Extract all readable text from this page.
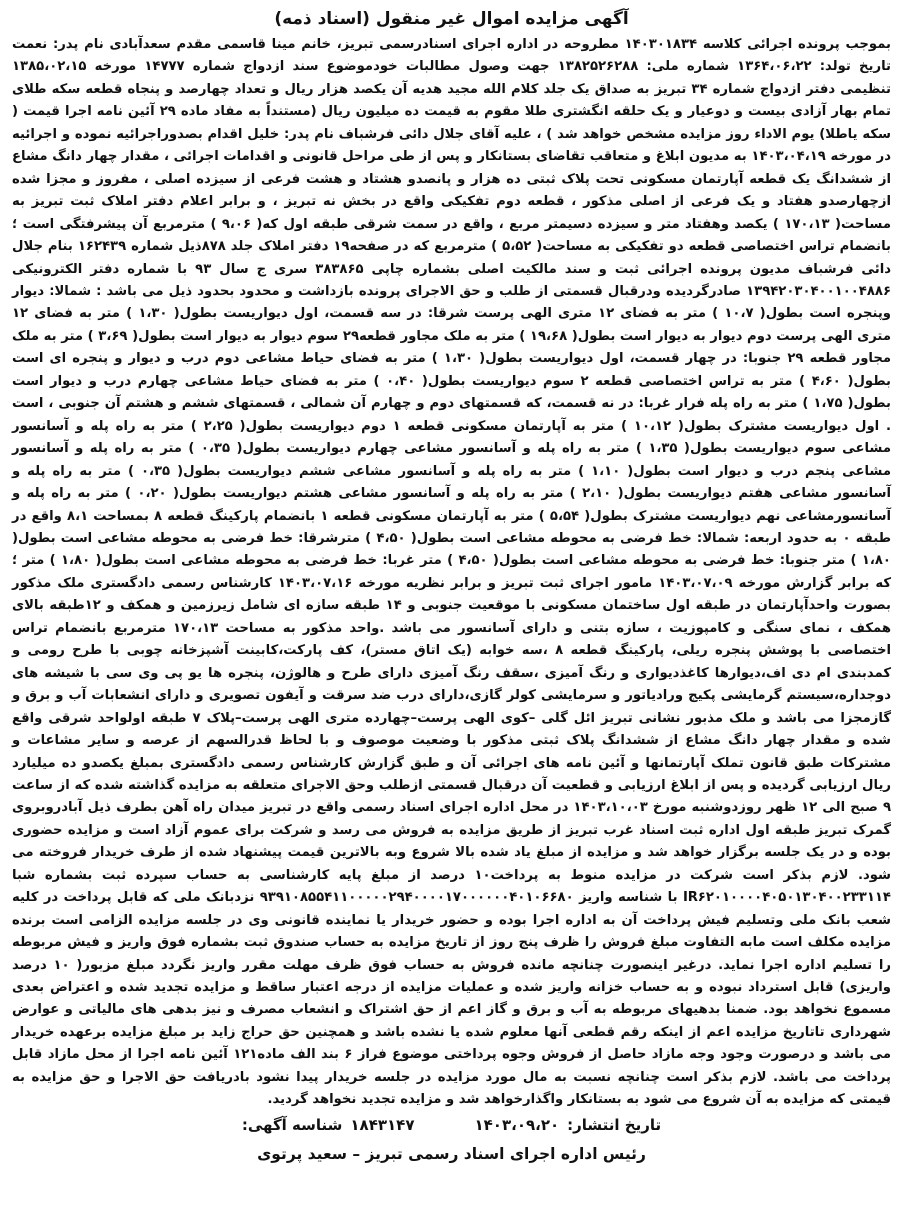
آگهی مزایده اموال غیر منقول (اسناد ذمه)

بموجب پرونده اجرائی کلاسه ۱۴۰۳۰۱۸۳۴ مطروحه در اداره اجرای اسنادرسمی تبریز، خانم مینا قاسمی مقدم سعدآبادی نام پدر: نعمت تاریخ تولد: ۱۳۶۴،۰۶،۲۲ شماره ملی: ۱۳۸۲۵۲۶۲۸۸ جهت وصول مطالبات خودموضوع سند ازدواج شماره ۱۴۷۷۷ مورخه ۱۳۸۵،۰۲،۱۵ تنظیمی دفتر ازدواج شماره ۳۴ تبریز به صداق یک جلد کلام الله مجید هدیه آن یکصد هزار ریال و تعداد چهارصد و پنجاه قطعه سکه طلای تمام بهار آزادی بیست و دوعیار و یک حلقه انگشتری طلا مقوم به قیمت ده میلیون ریال (مستنداً به مفاد ماده ۲۹ آئین نامه اجرا قیمت ( سکه یاطلا) یوم الاداء روز مزایده مشخص خواهد شد ) ، علیه آقای جلال دائی فرشباف نام پدر: خلیل اقدام بصدوراجرائیه نموده و اجرائیه در مورخه ۱۴۰۳،۰۴،۱۹ به مدیون ابلاغ و متعاقب تقاضای بستانکار و پس از طی مراحل قانونی و اقدامات اجرائی ، مقدار چهار دانگ مشاع از ششدانگ یک قطعه آپارتمان مسکونی تحت پلاک ثبتی ده هزار و پانصدو هشتاد و هشت فرعی از سیزده اصلی ، مفروز و مجزا شده ازچهارصدو هفتاد و یک فرعی از اصلی مذکور ، قطعه دوم تفکیکی واقع در بخش نه تبریز ، و برابر اعلام دفتر املاک ثبت تبریز به مساحت( ۱۷۰،۱۳ ) یکصد وهفتاد متر و سیزده دسیمتر مربع ، واقع در سمت شرقی طبقه اول که( ۹،۰۶ ) مترمربع آن پیشرفتگی است ؛ بانضمام تراس اختصاصی قطعه دو تفکیکی به مساحت( ۵،۵۲ ) مترمربع که در صفحه۱۹ دفتر املاک جلد ۸۷۸ذیل شماره ۱۶۲۴۳۹ بنام جلال دائی فرشباف مدیون پرونده اجرائی ثبت و سند مالکیت اصلی بشماره چاپی ۳۸۳۸۶۵ سری ج سال ۹۳ با شماره دفتر الکترونیکی ۱۳۹۴۲۰۳۰۴۰۰۱۰۰۴۸۸۶ صادرگردیده ودرقبال قسمتی از طلب و حق الاجرای پرونده بازداشت و محدود بحدود ذیل می باشد : شمالا: دیوار وپنجره است بطول( ۱۰،۷ ) متر به فضای ۱۲ متری الهی پرست شرقا: در سه قسمت، اول دیواریست بطول( ۱،۳۰ ) متر به فضای ۱۲ متری الهی پرست دوم دیوار به دیوار است بطول( ۱۹،۶۸ ) متر به ملک مجاور قطعه۲۹ سوم دیوار به دیوار است بطول( ۳،۶۹ ) متر به ملک مجاور قطعه ۲۹ جنوبا: در چهار قسمت، اول دیواریست بطول( ۱،۳۰ ) متر به فضای حیاط مشاعی دوم درب و دیوار و پنجره ای است بطول( ۴،۶۰ ) متر به تراس اختصاصی قطعه ۲ سوم دیواریست بطول( ۰،۴۰ ) متر به فضای حیاط مشاعی چهارم درب و دیوار است بطول( ۱،۷۵ ) متر به راه پله فرار غربا: در نه قسمت، که قسمتهای دوم و چهارم آن شمالی ، قسمتهای ششم و هشتم آن جنوبی ، است . اول دیواریست مشترک بطول( ۱۰،۱۲ ) متر به آپارتمان مسکونی قطعه ۱ دوم دیواریست بطول( ۲،۲۵ ) متر به راه پله و آسانسور مشاعی سوم دیواریست بطول( ۱،۳۵ ) متر به راه پله و آسانسور مشاعی چهارم دیواریست بطول( ۰،۳۵ ) متر به راه پله و آسانسور مشاعی پنجم درب و دیوار است بطول( ۱،۱۰ ) متر به راه پله و آسانسور مشاعی ششم دیواریست بطول( ۰،۳۵ ) متر به راه پله و آسانسور مشاعی هفتم دیواریست بطول( ۲،۱۰ ) متر به راه پله و آسانسور مشاعی هشتم دیواریست بطول( ۰،۲۰ ) متر به راه پله و آسانسورمشاعی نهم دیواریست مشترک بطول( ۵،۵۴ ) متر به آپارتمان مسکونی قطعه ۱ بانضمام پارکینگ قطعه ۸ بمساحت ۸،۱ واقع در طبقه ۰ به حدود اربعه: شمالا: خط فرضی به محوطه مشاعی است بطول( ۴،۵۰ ) مترشرقا: خط فرضی به محوطه مشاعی است بطول( ۱،۸۰ ) متر جنوبا: خط فرضی به محوطه مشاعی است بطول( ۴،۵۰ ) متر غربا: خط فرضی به محوطه مشاعی است بطول( ۱،۸۰ ) متر ؛ که برابر گزارش مورخه ۱۴۰۳،۰۷،۰۹ مامور اجرای ثبت تبریز و برابر نظریه مورخه ۱۴۰۳،۰۷،۱۶ کارشناس رسمی دادگستری ملک مذکور بصورت واحدآپارتمان در طبقه اول ساختمان مسکونی با موقعیت جنوبی و ۱۴ طبقه سازه ای شامل زیرزمین و همکف و ۱۲طبقه بالای همکف ، نمای سنگی و کامپوزیت ، سازه بتنی و دارای آسانسور می باشد .واحد مذکور به مساحت ۱۷۰،۱۳ مترمربع بانضمام تراس اختصاصی با پوشش پنجره ریلی، پارکینگ قطعه ۸ ،سه خوابه (یک اتاق مستر)، کف پارکت،کابینت آشپزخانه چوبی با طرح رومی و کمدبندی ام دی اف،دیوارها کاغذدیواری و رنگ آمیزی ،سقف رنگ آمیزی دارای طرح و هالوژن، پنجره ها یو پی وی سی با شیشه های دوجداره،سیستم گرمایشی پکیج ورادیاتور و سرمایشی کولر گازی،دارای درب ضد سرقت و آیفون تصویری و دارای انشعابات آب و برق و گازمجزا می باشد و ملک مذبور نشانی تبریز ائل گلی –کوی الهی پرست–چهارده متری الهی پرست–پلاک ۷ طبقه اولواحد شرقی واقع شده و مقدار چهار دانگ مشاع از ششدانگ پلاک ثبتی مذکور با وضعیت موصوف و با لحاظ قدرالسهم از عرصه و سایر مشاعات و مشترکات طبق قانون تملک آپارتمانها و آئین نامه های اجرائی آن و طبق گزارش کارشناس رسمی دادگستری بمبلغ یکصدو ده میلیارد ریال ارزیابی گردیده و پس از ابلاغ ارزیابی و قطعیت آن درقبال قسمتی ازطلب وحق الاجرای متعلقه به مزایده گذاشته شده که از ساعت ۹ صبح الی ۱۲ ظهر روزدوشنبه مورخ ۱۴۰۳،۱۰،۰۳ در محل اداره اجرای اسناد رسمی واقع در تبریز میدان راه آهن بطرف ذیل آبادروبروی گمرک تبریز طبقه اول اداره ثبت اسناد غرب تبریز از طریق مزایده به فروش می رسد و شرکت برای عموم آزاد است و مزایده حضوری بوده و در یک جلسه برگزار خواهد شد و مزایده از مبلغ یاد شده بالا شروع وبه بالاترین قیمت پیشنهاد شده از طرف خریدار فروخته می شود. لازم بذکر است شرکت در مزایده منوط به پرداخت۱۰ درصد از مبلغ پایه کارشناسی به حساب سپرده ثبت بشماره شبا IR۶۲۰۱۰۰۰۰۴۰۵۰۱۳۰۴۰۰۲۳۳۱۱۴ با شناسه واریز ۹۳۹۱۰۸۵۵۴۱۱۰۰۰۰۰۲۹۴۰۰۰۰۱۷۰۰۰۰۰۰۴۰۱۰۶۶۸۰ نزدبانک ملی که قابل پرداخت در کلیه شعب بانک ملی وتسلیم فیش پرداخت آن به اداره اجرا بوده و حضور خریدار یا نماینده قانونی وی در جلسه مزایده الزامی است برنده مزایده مکلف است مابه التفاوت مبلغ فروش را ظرف پنج روز از تاریخ مزایده به حساب صندوق ثبت بشماره فوق واریز و فیش مربوطه را تسلیم اداره اجرا نماید. درغیر اینصورت چنانچه مانده فروش به حساب فوق ظرف مهلت مقرر واریز نگردد مبلغ مزبور( ۱۰ درصد واریزی) قابل استرداد نبوده و به حساب خزانه واریز شده و عملیات مزایده از درجه اعتبار ساقط و مزایده تجدید شده و اعتراض بعدی مسموع نخواهد بود. ضمنا بدهیهای مربوطه به آب و برق و گاز اعم از حق اشتراک و انشعاب مصرف و نیز بدهی های مالیاتی و عوارض شهرداری تاتاریخ مزایده اعم از اینکه رقم قطعی آنها معلوم شده یا نشده باشد و همچنین حق حراج زاید بر مبلغ مزایده برعهده خریدار می باشد و درصورت وجود وجه مازاد حاصل از فروش وجوه پرداختی موضوع فراز ۶ بند الف ماده۱۲۱ آئین نامه اجرا از محل مازاد قابل پرداخت می باشد. لازم بذکر است چنانچه نسبت به مال مورد مزایده در جلسه خریدار پیدا نشود بادریافت حق الاجرا و حق مزایده به قیمتی که مزایده به آن شروع می شود به بستانکار واگذارخواهد شد و مزایده تجدید نخواهد گردید.

تاریخ انتشار:
۱۴۰۳،۰۹،۲۰
۱۸۴۳۱۴۷
شناسه آگهی:
رئیس اداره اجرای اسناد رسمی تبریز – سعید پرتوی
